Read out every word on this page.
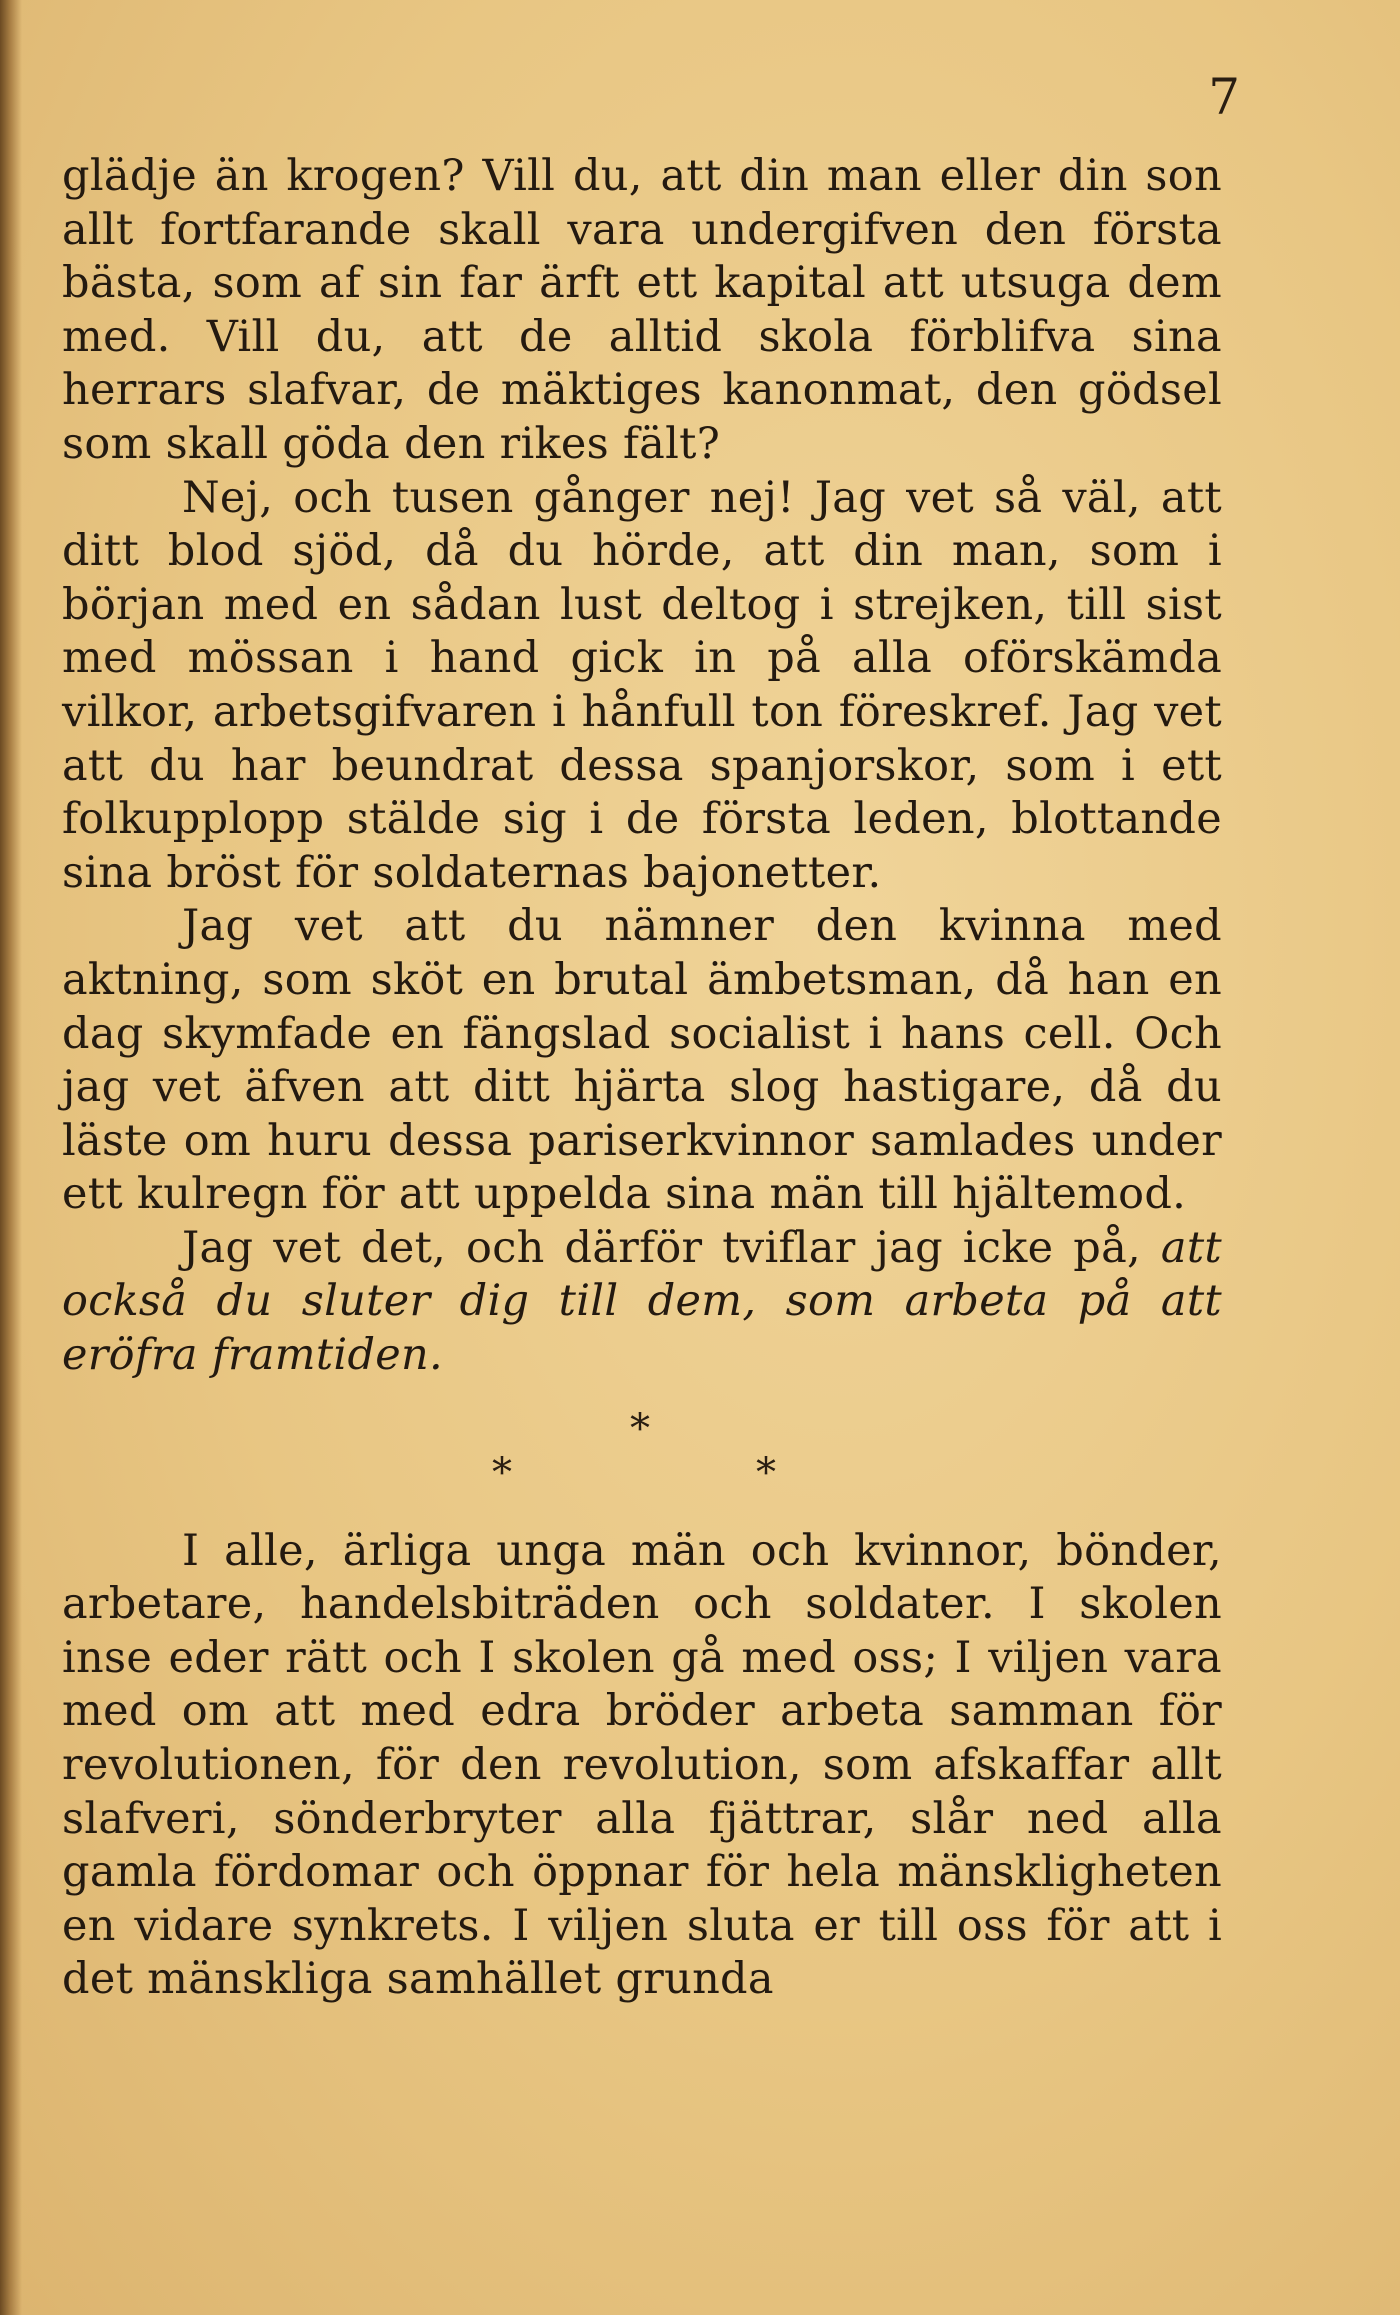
7

glädje än krogen? Vill du, att din man eller din son allt fortfarande skall vara undergifven den första bästa, som af sin far ärft ett kapital att utsuga dem med. Vill du, att de alltid skola förblifva sina herrars slafvar, de mäktiges kanonmat, den gödsel som skall göda den rikes fält?

Nej, och tusen gånger nej! Jag vet så väl, att ditt blod sjöd, då du hörde, att din man, som i början med en sådan lust deltog i strejken, till sist med mössan i hand gick in på alla oförskämda vilkor, arbetsgifvaren i hånfull ton föreskref. Jag vet att du har beundrat dessa spanjorskor, som i ett folkupplopp stälde sig i de första leden, blottande sina bröst för soldaternas bajonetter.

Jag vet att du nämner den kvinna med aktning, som sköt en brutal ämbetsman, då han en dag skymfade en fängslad socialist i hans cell. Och jag vet äfven att ditt hjärta slog hastigare, då du läste om huru dessa pariserkvinnor samlades under ett kulregn för att uppelda sina män till hjältemod.

Jag vet det, och därför tviflar jag icke på, att också du sluter dig till dem, som arbeta på att eröfra framtiden.

*
*	*

I alle, ärliga unga män och kvinnor, bönder, arbetare, handelsbiträden och soldater. I skolen inse eder rätt och I skolen gå med oss; I viljen vara med om att med edra bröder arbeta samman för revolutionen, för den revolution, som afskaffar allt slafveri, sönderbryter alla fjättrar, slår ned alla gamla fördomar och öppnar för hela mänskligheten en vidare synkrets. I viljen sluta er till oss för att i det mänskliga samhället grunda
